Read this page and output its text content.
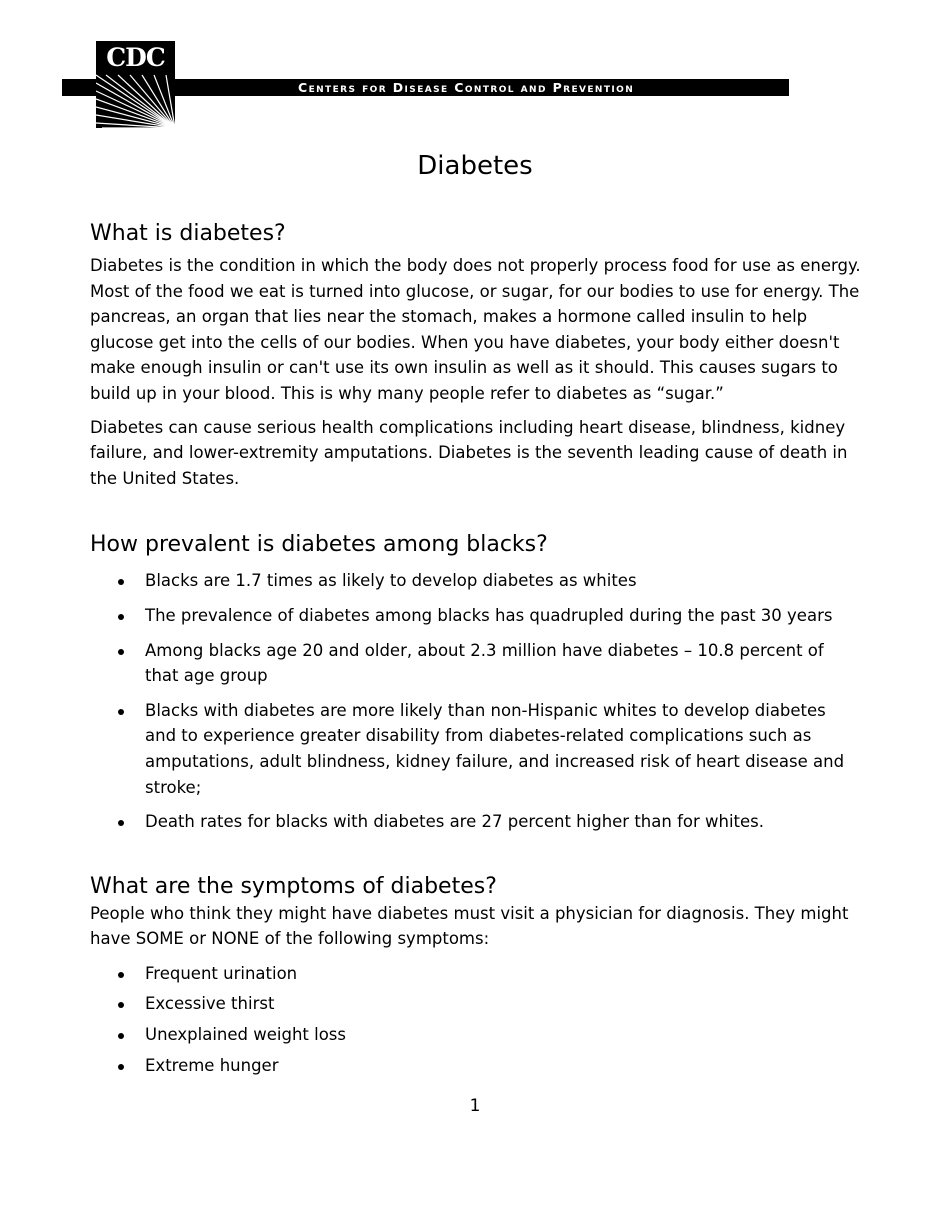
CDC
Centers for Disease Control and Prevention
Diabetes
What is diabetes?

Diabetes is the condition in which the body does not properly process food for use as energy. Most of the food we eat is turned into glucose, or sugar, for our bodies to use for energy. The pancreas, an organ that lies near the stomach, makes a hormone called insulin to help glucose get into the cells of our bodies. When you have diabetes, your body either doesn't make enough insulin or can't use its own insulin as well as it should. This causes sugars to build up in your blood. This is why many people refer to diabetes as “sugar.”

Diabetes can cause serious health complications including heart disease, blindness, kidney failure, and lower-extremity amputations. Diabetes is the seventh leading cause of death in the United States.

How prevalent is diabetes among blacks?
Blacks are 1.7 times as likely to develop diabetes as whites
The prevalence of diabetes among blacks has quadrupled during the past 30 years
Among blacks age 20 and older, about 2.3 million have diabetes – 10.8 percent of that age group
Blacks with diabetes are more likely than non-Hispanic whites to develop diabetes and to experience greater disability from diabetes-related complications such as amputations, adult blindness, kidney failure, and increased risk of heart disease and stroke;
Death rates for blacks with diabetes are 27 percent higher than for whites.
What are the symptoms of diabetes?

People who think they might have diabetes must visit a physician for diagnosis. They might have SOME or NONE of the following symptoms:

Frequent urination
Excessive thirst
Unexplained weight loss
Extreme hunger
1
